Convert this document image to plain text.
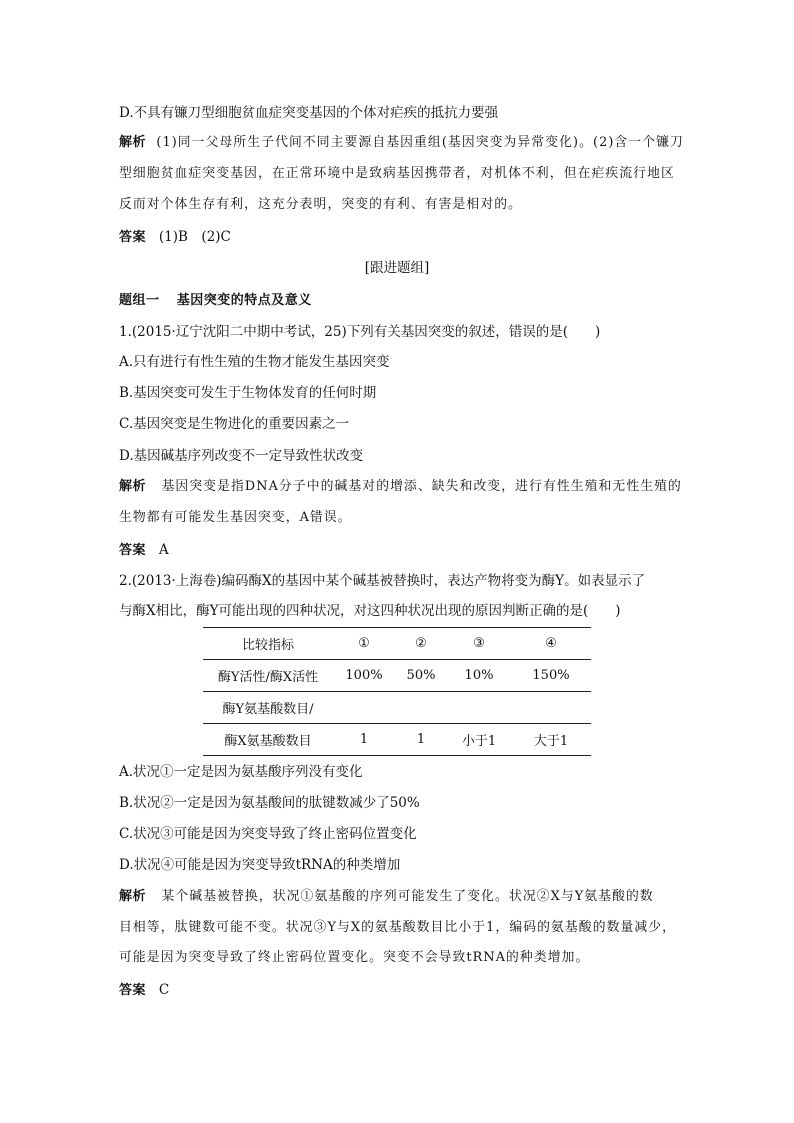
D.不具有镰刀型细胞贫血症突变基因的个体对疟疾的抵抗力要强
解析 (1)同一父母所生子代间不同主要源自基因重组(基因突变为异常变化)。(2)含一个镰刀
型细胞贫血症突变基因，在正常环境中是致病基因携带者，对机体不利，但在疟疾流行地区
反而对个体生存有利，这充分表明，突变的有利、有害是相对的。
答案 (1)B　(2)C
[跟进题组]
题组一 基因突变的特点及意义
1.(2015·辽宁沈阳二中期中考试，25)下列有关基因突变的叙述，错误的是(　　)
A.只有进行有性生殖的生物才能发生基因突变
B.基因突变可发生于生物体发育的任何时期
C.基因突变是生物进化的重要因素之一
D.基因碱基序列改变不一定导致性状改变
解析 基因突变是指DNA分子中的碱基对的增添、缺失和改变，进行有性生殖和无性生殖的
生物都有可能发生基因突变，A错误。
答案 A
2.(2013·上海卷)编码酶X的基因中某个碱基被替换时，表达产物将变为酶Y。如表显示了
与酶X相比，酶Y可能出现的四种状况，对这四种状况出现的原因判断正确的是(　　)
比较指标	①	②	③	④
酶Y活性/酶X活性	100%	50%	10%	150%
酶Y氨基酸数目/				
酶X氨基酸数目	1	1	小于1	大于1
A.状况①一定是因为氨基酸序列没有变化
B.状况②一定是因为氨基酸间的肽键数减少了50%
C.状况③可能是因为突变导致了终止密码位置变化
D.状况④可能是因为突变导致tRNA的种类增加
解析 某个碱基被替换，状况①氨基酸的序列可能发生了变化。状况②X与Y氨基酸的数
目相等，肽键数可能不变。状况③Y与X的氨基酸数目比小于1，编码的氨基酸的数量减少，
可能是因为突变导致了终止密码位置变化。突变不会导致tRNA的种类增加。
答案 C
